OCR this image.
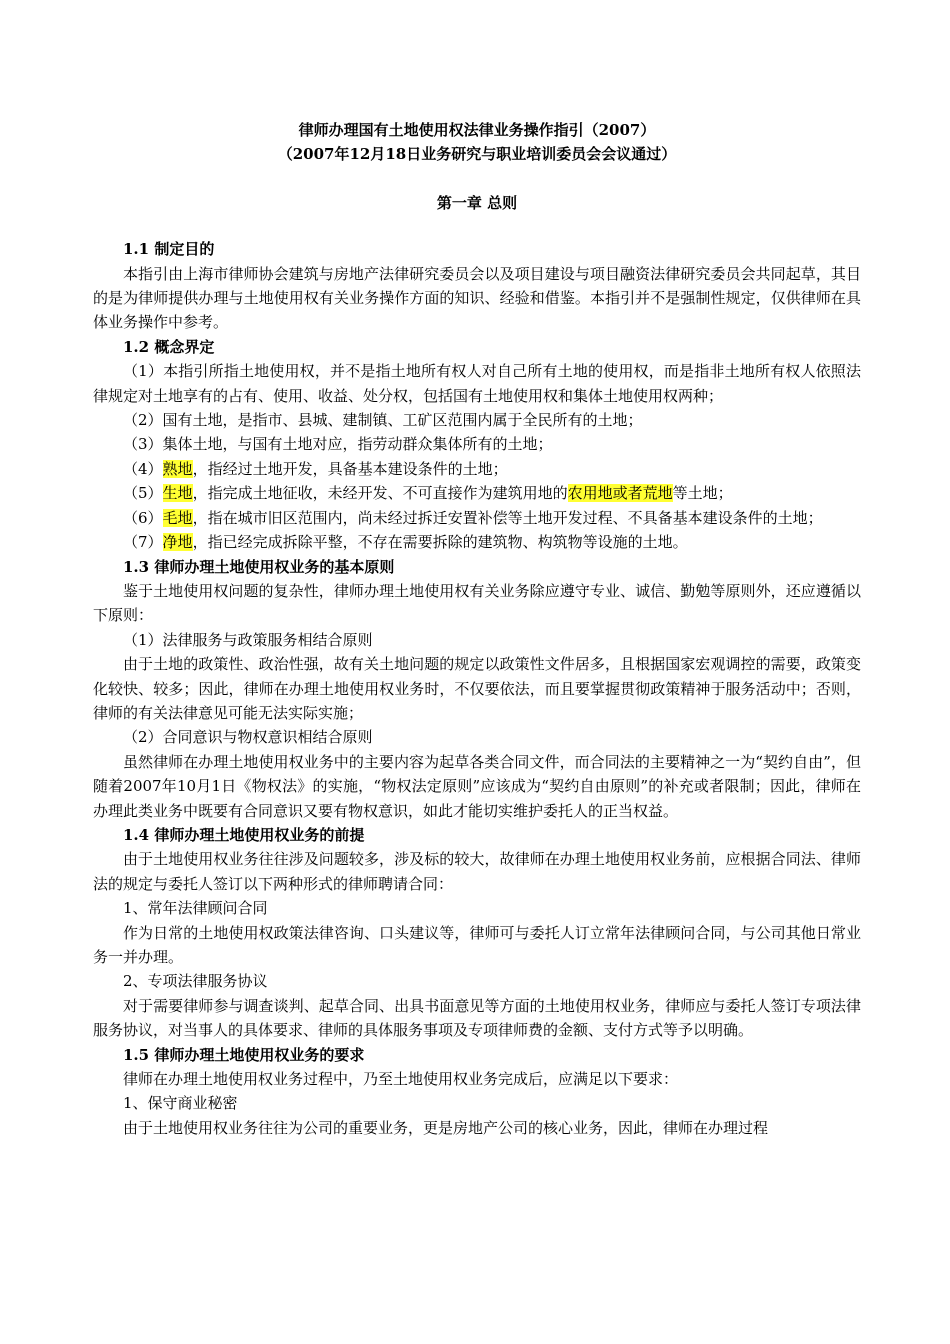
律师办理国有土地使用权法律业务操作指引（2007）
（2007年12月18日业务研究与职业培训委员会会议通过）
第一章 总则
1.1 制定目的

本指引由上海市律师协会建筑与房地产法律研究委员会以及项目建设与项目融资法律研究委员会共同起草，其目的是为律师提供办理与土地使用权有关业务操作方面的知识、经验和借鉴。本指引并不是强制性规定，仅供律师在具体业务操作中参考。

1.2 概念界定

（1）本指引所指土地使用权，并不是指土地所有权人对自己所有土地的使用权，而是指非土地所有权人依照法律规定对土地享有的占有、使用、收益、处分权，包括国有土地使用权和集体土地使用权两种；

（2）国有土地，是指市、县城、建制镇、工矿区范围内属于全民所有的土地；

（3）集体土地，与国有土地对应，指劳动群众集体所有的土地；

（4）熟地，指经过土地开发，具备基本建设条件的土地；

（5）生地，指完成土地征收，未经开发、不可直接作为建筑用地的农用地或者荒地等土地；

（6）毛地，指在城市旧区范围内，尚未经过拆迁安置补偿等土地开发过程、不具备基本建设条件的土地；

（7）净地，指已经完成拆除平整，不存在需要拆除的建筑物、构筑物等设施的土地。

1.3 律师办理土地使用权业务的基本原则

鉴于土地使用权问题的复杂性，律师办理土地使用权有关业务除应遵守专业、诚信、勤勉等原则外，还应遵循以下原则：

（1）法律服务与政策服务相结合原则

由于土地的政策性、政治性强，故有关土地问题的规定以政策性文件居多，且根据国家宏观调控的需要，政策变化较快、较多；因此，律师在办理土地使用权业务时，不仅要依法，而且要掌握贯彻政策精神于服务活动中；否则，律师的有关法律意见可能无法实际实施；

（2）合同意识与物权意识相结合原则

虽然律师在办理土地使用权业务中的主要内容为起草各类合同文件，而合同法的主要精神之一为“契约自由”，但随着2007年10月1日《物权法》的实施，“物权法定原则”应该成为“契约自由原则”的补充或者限制；因此，律师在办理此类业务中既要有合同意识又要有物权意识，如此才能切实维护委托人的正当权益。

1.4 律师办理土地使用权业务的前提

由于土地使用权业务往往涉及问题较多，涉及标的较大，故律师在办理土地使用权业务前，应根据合同法、律师法的规定与委托人签订以下两种形式的律师聘请合同：

1、常年法律顾问合同

作为日常的土地使用权政策法律咨询、口头建议等，律师可与委托人订立常年法律顾问合同，与公司其他日常业务一并办理。

2、专项法律服务协议

对于需要律师参与调查谈判、起草合同、出具书面意见等方面的土地使用权业务，律师应与委托人签订专项法律服务协议，对当事人的具体要求、律师的具体服务事项及专项律师费的金额、支付方式等予以明确。

1.5 律师办理土地使用权业务的要求

律师在办理土地使用权业务过程中，乃至土地使用权业务完成后，应满足以下要求：

1、保守商业秘密

由于土地使用权业务往往为公司的重要业务，更是房地产公司的核心业务，因此，律师在办理过程
